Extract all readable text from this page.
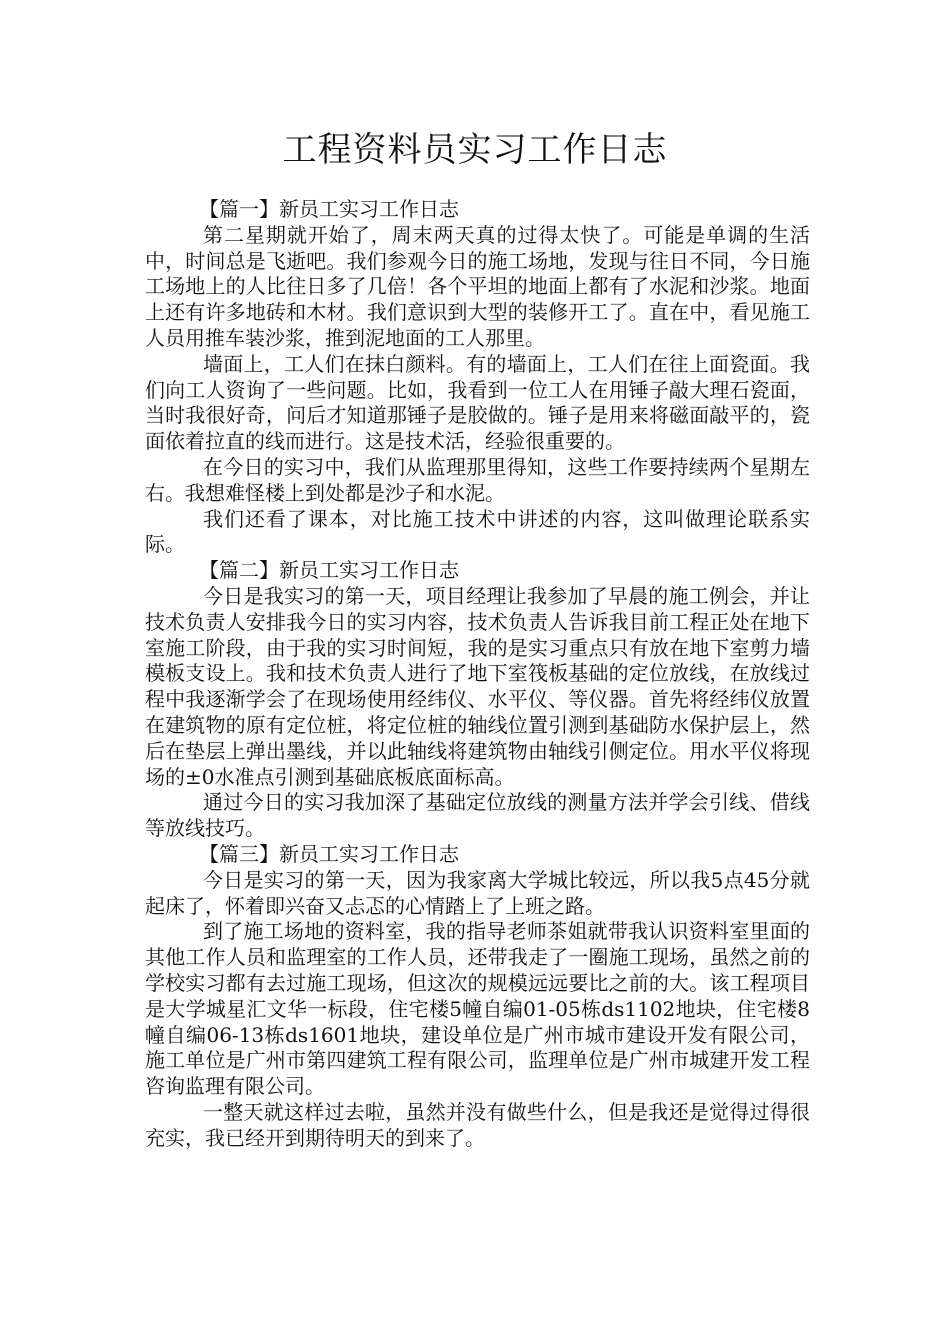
工程资料员实习工作日志
【篇一】新员工实习工作日志

第二星期就开始了，周末两天真的过得太快了。可能是单调的生活中，时间总是飞逝吧。我们参观今日的施工场地，发现与往日不同，今日施工场地上的人比往日多了几倍！各个平坦的地面上都有了水泥和沙浆。地面上还有许多地砖和木材。我们意识到大型的装修开工了。直在中，看见施工人员用推车装沙浆，推到泥地面的工人那里。

墙面上，工人们在抹白颜料。有的墙面上，工人们在往上面瓷面。我们向工人资询了一些问题。比如，我看到一位工人在用锤子敲大理石瓷面，当时我很好奇，问后才知道那锤子是胶做的。锤子是用来将磁面敲平的，瓷面依着拉直的线而进行。这是技术活，经验很重要的。

在今日的实习中，我们从监理那里得知，这些工作要持续两个星期左右。我想难怪楼上到处都是沙子和水泥。

我们还看了课本，对比施工技术中讲述的内容，这叫做理论联系实际。

【篇二】新员工实习工作日志

今日是我实习的第一天，项目经理让我参加了早晨的施工例会，并让技术负责人安排我今日的实习内容，技术负责人告诉我目前工程正处在地下室施工阶段，由于我的实习时间短，我的是实习重点只有放在地下室剪力墙模板支设上。我和技术负责人进行了地下室筏板基础的定位放线，在放线过程中我逐渐学会了在现场使用经纬仪、水平仪、等仪器。首先将经纬仪放置在建筑物的原有定位桩，将定位桩的轴线位置引测到基础防水保护层上，然后在垫层上弹出墨线，并以此轴线将建筑物由轴线引侧定位。用水平仪将现场的±0水准点引测到基础底板底面标高。

通过今日的实习我加深了基础定位放线的测量方法并学会引线、借线等放线技巧。

【篇三】新员工实习工作日志

今日是实习的第一天，因为我家离大学城比较远，所以我5点45分就起床了，怀着即兴奋又忐忑的心情踏上了上班之路。

到了施工场地的资料室，我的指导老师茶姐就带我认识资料室里面的其他工作人员和监理室的工作人员，还带我走了一圈施工现场，虽然之前的学校实习都有去过施工现场，但这次的规模远远要比之前的大。该工程项目是大学城星汇文华一标段，住宅楼5幢自编01-05栋ds1102地块，住宅楼8幢自编06-13栋ds1601地块，建设单位是广州市城市建设开发有限公司，施工单位是广州市第四建筑工程有限公司，监理单位是广州市城建开发工程咨询监理有限公司。

一整天就这样过去啦，虽然并没有做些什么，但是我还是觉得过得很充实，我已经开到期待明天的到来了。
